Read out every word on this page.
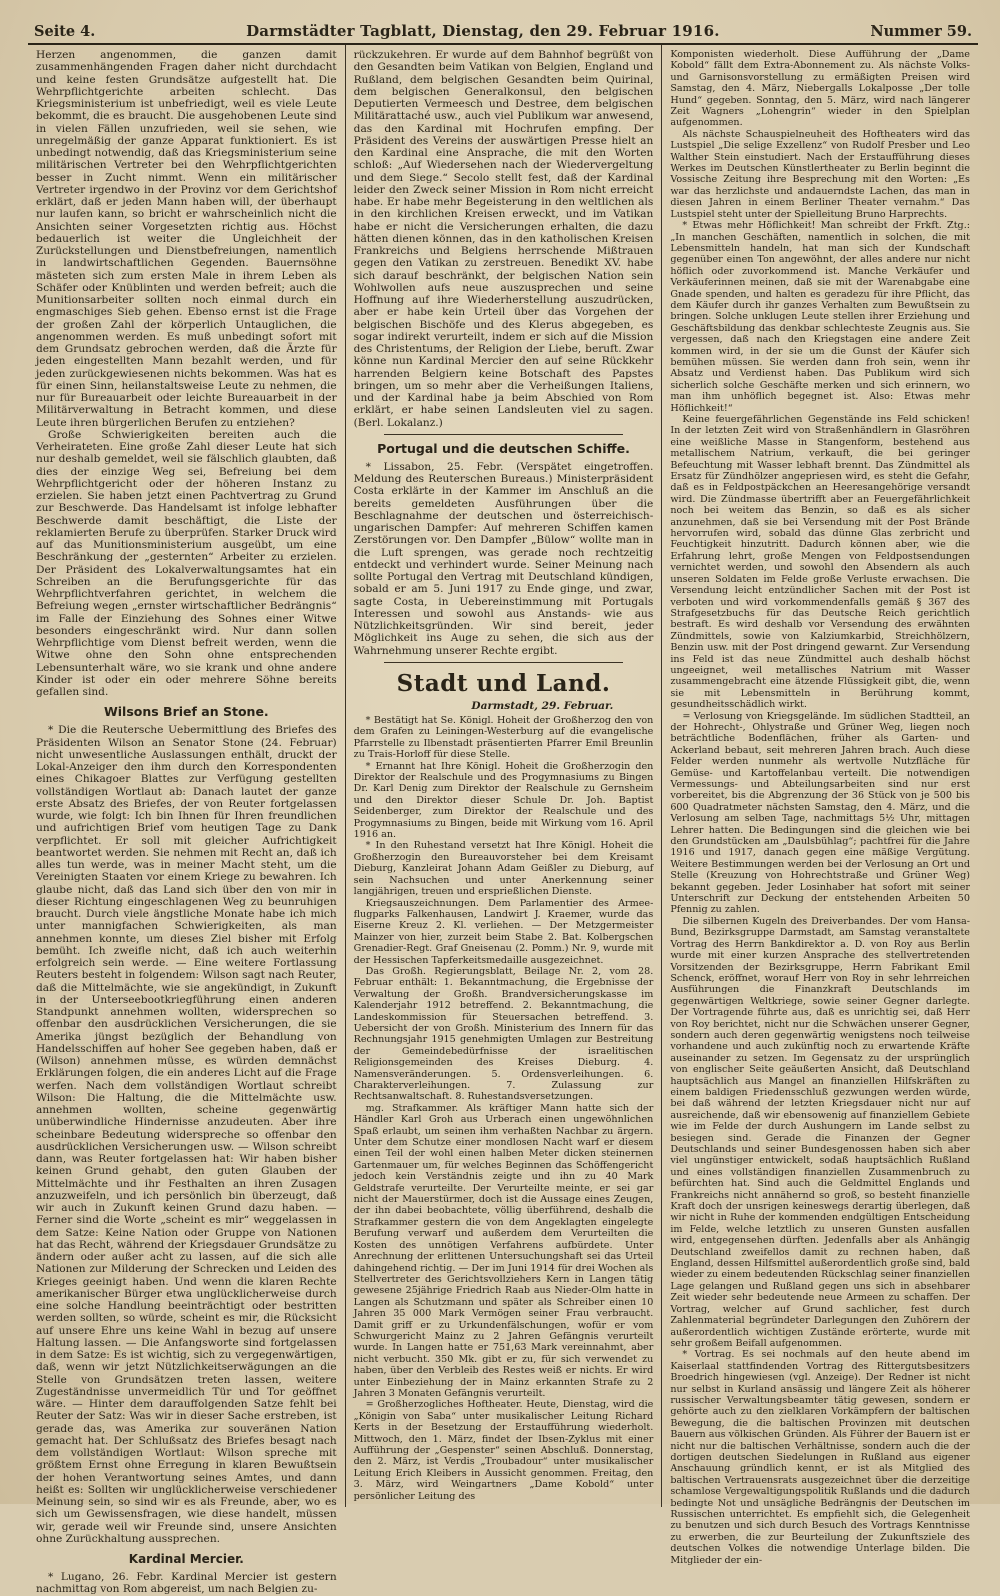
Seite 4.	Darmstädter Tagblatt, Dienstag, den 29. Februar 1916.	Nummer 59.

Herzen angenommen, die ganzen damit zusammenhängenden Fragen daher nicht durchdacht und keine festen Grundsätze aufgestellt hat. Die Wehrpflichtgerichte arbeiten schlecht. Das Kriegsministerium ist unbefriedigt, weil es viele Leute bekommt, die es braucht. Die ausgehobenen Leute sind in vielen Fällen unzufrieden, weil sie sehen, wie unregelmäßig der ganze Apparat funktioniert. Es ist unbedingt notwendig, daß das Kriegsministerium seine militärischen Vertreter bei den Wehrpflichtgerichten besser in Zucht nimmt. Wenn ein militärischer Vertreter irgendwo in der Provinz vor dem Gerichtshof erklärt, daß er jeden Mann haben will, der überhaupt nur laufen kann, so bricht er wahrscheinlich nicht die Ansichten seiner Vorgesetzten richtig aus. Höchst bedauerlich ist weiter die Ungleichheit der Zurückstellungen und Dienstbefreiungen, namentlich in landwirtschaftlichen Gegenden. Bauernsöhne mästeten sich zum ersten Male in ihrem Leben als Schäfer oder Knüblinten und werden befreit; auch die Munitionsarbeiter sollten noch einmal durch ein engmaschiges Sieb gehen. Ebenso ernst ist die Frage der großen Zahl der körperlich Untauglichen, die angenommen werden. Es muß unbedingt sofort mit dem Grundsatz gebrochen werden, daß die Ärzte für jeden eingestellten Mann bezahlt werden, und für jeden zurückgewiesenen nichts bekommen. Was hat es für einen Sinn, heilanstaltsweise Leute zu nehmen, die nur für Bureauarbeit oder leichte Bureauarbeit in der Militärverwaltung in Betracht kommen, und diese Leute ihren bürgerlichen Berufen zu entziehen?

Große Schwierigkeiten bereiten auch die Verheirateten. Eine große Zahl dieser Leute hat sich nur deshalb gemeldet, weil sie fälschlich glaubten, daß dies der einzige Weg sei, Befreiung bei dem Wehrpflichtgericht oder der höheren Instanz zu erzielen. Sie haben jetzt einen Pachtvertrag zu Grund zur Beschwerde. Das Handelsamt ist infolge lebhafter Beschwerde damit beschäftigt, die Liste der reklamierten Berufe zu überprüfen. Starker Druck wird auf das Munitionsministerium ausgeübt, um eine Beschränkung der „gesternten“ Arbeiter zu erzielen. Der Präsident des Lokalverwaltungsamtes hat ein Schreiben an die Berufungsgerichte für das Wehrpflichtverfahren gerichtet, in welchem die Befreiung wegen „ernster wirtschaftlicher Bedrängnis“ im Falle der Einziehung des Sohnes einer Witwe besonders eingeschränkt wird. Nur dann sollen Wehrpflichtige vom Dienst befreit werden, wenn die Witwe ohne den Sohn ohne entsprechenden Lebensunterhalt wäre, wo sie krank und ohne andere Kinder ist oder ein oder mehrere Söhne bereits gefallen sind.

Wilsons Brief an Stone.

* Die die Reutersche Uebermittlung des Briefes des Präsidenten Wilson an Senator Stone (24. Februar) nicht unwesentliche Auslassungen enthält, druckt der Lokal-Anzeiger den ihm durch den Korrespondenten eines Chikagoer Blattes zur Verfügung gestellten vollständigen Wortlaut ab: Danach lautet der ganze erste Absatz des Briefes, der von Reuter fortgelassen wurde, wie folgt: Ich bin Ihnen für Ihren freundlichen und aufrichtigen Brief vom heutigen Tage zu Dank verpflichtet. Er soll mit gleicher Aufrichtigkeit beantwortet werden. Sie nehmen mit Recht an, daß ich alles tun werde, was in meiner Macht steht, um die Vereinigten Staaten vor einem Kriege zu bewahren. Ich glaube nicht, daß das Land sich über den von mir in dieser Richtung eingeschlagenen Weg zu beunruhigen braucht. Durch viele ängstliche Monate habe ich mich unter mannigfachen Schwierigkeiten, als man annehmen konnte, um dieses Ziel bisher mit Erfolg bemüht. Ich zweifle nicht, daß ich auch weiterhin erfolgreich sein werde. — Eine weitere Fortlassung Reuters besteht in folgendem: Wilson sagt nach Reuter, daß die Mittelmächte, wie sie angekündigt, in Zukunft in der Unterseebootkriegführung einen anderen Standpunkt annehmen wollten, widersprechen so offenbar den ausdrücklichen Versicherungen, die sie Amerika jüngst bezüglich der Behandlung von Handelsschiffen auf hoher See gegeben haben, daß er (Wilson) annehmen müsse, es würden demnächst Erklärungen folgen, die ein anderes Licht auf die Frage werfen. Nach dem vollständigen Wortlaut schreibt Wilson: Die Haltung, die die Mittelmächte usw. annehmen wollten, scheine gegenwärtig unüberwindliche Hindernisse anzudeuten. Aber ihre scheinbare Bedeutung widerspreche so offenbar den ausdrücklichen Versicherungen usw. — Wilson schreibt dann, was Reuter fortgelassen hat: Wir haben bisher keinen Grund gehabt, den guten Glauben der Mittelmächte und ihr Festhalten an ihren Zusagen anzuzweifeln, und ich persönlich bin überzeugt, daß wir auch in Zukunft keinen Grund dazu haben. — Ferner sind die Worte „scheint es mir“ weggelassen in dem Satze: Keine Nation oder Gruppe von Nationen hat das Recht, während der Kriegsdauer Grundsätze zu ändern oder außer acht zu lassen, auf die sich alle Nationen zur Milderung der Schrecken und Leiden des Krieges geeinigt haben. Und wenn die klaren Rechte amerikanischer Bürger etwa unglücklicherweise durch eine solche Handlung beeinträchtigt oder bestritten werden sollten, so würde, scheint es mir, die Rücksicht auf unsere Ehre uns keine Wahl in bezug auf unsere Haltung lassen. — Die Anfangsworte sind fortgelassen in dem Satze: Es ist wichtig, sich zu vergegenwärtigen, daß, wenn wir jetzt Nützlichkeitserwägungen an die Stelle von Grundsätzen treten lassen, weitere Zugeständnisse unvermeidlich Tür und Tor geöffnet wäre. — Hinter dem darauffolgenden Satze fehlt bei Reuter der Satz: Was wir in dieser Sache erstreben, ist gerade das, was Amerika zur souveränen Nation gemacht hat. Der Schlußsatz des Briefes besagt nach dem vollständigen Wortlaut: Wilson spreche mit größtem Ernst ohne Erregung in klaren Bewußtsein der hohen Verantwortung seines Amtes, und dann heißt es: Sollten wir unglücklicherweise verschiedener Meinung sein, so sind wir es als Freunde, aber, wo es sich um Gewissensfragen, wie diese handelt, müssen wir, gerade weil wir Freunde sind, unsere Ansichten ohne Zurückhaltung aussprechen.

Kardinal Mercier.

* Lugano, 26. Febr. Kardinal Mercier ist gestern nachmittag von Rom abgereist, um nach Belgien zu-

rückzukehren. Er wurde auf dem Bahnhof begrüßt von den Gesandten beim Vatikan von Belgien, England und Rußland, dem belgischen Gesandten beim Quirinal, dem belgischen Generalkonsul, den belgischen Deputierten Vermeesch und Destree, dem belgischen Militärattaché usw., auch viel Publikum war anwesend, das den Kardinal mit Hochrufen empfing. Der Präsident des Vereins der auswärtigen Presse hielt an den Kardinal eine Ansprache, die mit den Worten schloß: „Auf Wiedersehen nach der Wiedervergeltung und dem Siege.“ Secolo stellt fest, daß der Kardinal leider den Zweck seiner Mission in Rom nicht erreicht habe. Er habe mehr Begeisterung in den weltlichen als in den kirchlichen Kreisen erweckt, und im Vatikan habe er nicht die Versicherungen erhalten, die dazu hätten dienen können, das in den katholischen Kreisen Frankreichs und Belgiens herrschende Mißtrauen gegen den Vatikan zu zerstreuen. Benedikt XV. habe sich darauf beschränkt, der belgischen Nation sein Wohlwollen aufs neue auszusprechen und seine Hoffnung auf ihre Wiederherstellung auszudrücken, aber er habe kein Urteil über das Vorgehen der belgischen Bischöfe und des Klerus abgegeben, es sogar indirekt verurteilt, indem er sich auf die Mission des Christentums, der Religion der Liebe, beruft. Zwar könne nun Kardinal Mercier den auf seine Rückkehr harrenden Belgiern keine Botschaft des Papstes bringen, um so mehr aber die Verheißungen Italiens, und der Kardinal habe ja beim Abschied von Rom erklärt, er habe seinen Landsleuten viel zu sagen. (Berl. Lokalanz.)

Portugal und die deutschen Schiffe.

* Lissabon, 25. Febr. (Verspätet eingetroffen. Meldung des Reuterschen Bureaus.) Ministerpräsident Costa erklärte in der Kammer im Anschluß an die bereits gemeldeten Ausführungen über die Beschlagnahme der deutschen und österreichisch-ungarischen Dampfer: Auf mehreren Schiffen kamen Zerstörungen vor. Den Dampfer „Bülow“ wollte man in die Luft sprengen, was gerade noch rechtzeitig entdeckt und verhindert wurde. Seiner Meinung nach sollte Portugal den Vertrag mit Deutschland kündigen, sobald er am 5. Juni 1917 zu Ende ginge, und zwar, sagte Costa, in Uebereinstimmung mit Portugals Interessen und sowohl aus Anstands- wie aus Nützlichkeitsgründen. Wir sind bereit, jeder Möglichkeit ins Auge zu sehen, die sich aus der Wahrnehmung unserer Rechte ergibt.

Stadt und Land.
Darmstadt, 29. Februar.

* Bestätigt hat Se. Königl. Hoheit der Großherzog den von dem Grafen zu Leiningen-Westerburg auf die evangelische Pfarrstelle zu Ilbenstadt präsentierten Pfarrer Emil Breunlin zu Trais-Horloff für diese Stelle.

* Ernannt hat Ihre Königl. Hoheit die Großherzogin den Direktor der Realschule und des Progymnasiums zu Bingen Dr. Karl Denig zum Direktor der Realschule zu Gernsheim und den Direktor dieser Schule Dr. Joh. Baptist Seidenberger, zum Direktor der Realschule und des Progymnasiums zu Bingen, beide mit Wirkung vom 16. April 1916 an.

* In den Ruhestand versetzt hat Ihre Königl. Hoheit die Großherzogin den Bureauvorsteher bei dem Kreisamt Dieburg, Kanzleirat Johann Adam Geißler zu Dieburg, auf sein Nachsuchen und unter Anerkennung seiner langjährigen, treuen und ersprießlichen Dienste.

Kriegsauszeichnungen. Dem Parlamentier des Armee-flugparks Falkenhausen, Landwirt J. Kraemer, wurde das Eiserne Kreuz 2. Kl. verliehen. — Der Metzgermeister Mainzer von hier, zurzeit beim Stabe 2. Bat. Kolbergschen Grenadier-Regt. Graf Gneisenau (2. Pomm.) Nr. 9, wurde mit der Hessischen Tapferkeitsmedaille ausgezeichnet.

Das Großh. Regierungsblatt, Beilage Nr. 2, vom 28. Februar enthält: 1. Bekanntmachung, die Ergebnisse der Verwaltung der Großh. Brandversicherungskasse im Kalenderjahr 1912 betreffend. 2. Bekanntmachung, die Landeskommission für Steuersachen betreffend. 3. Uebersicht der von Großh. Ministerium des Innern für das Rechnungsjahr 1915 genehmigten Umlagen zur Bestreitung der Gemeindebedürfnisse der israelitischen Religionsgemeinden des Kreises Dieburg. 4. Namensveränderungen. 5. Ordensverleihungen. 6. Charakterverleihungen. 7. Zulassung zur Rechtsanwaltschaft. 8. Ruhestandsversetzungen.

mg. Strafkammer. Als kräftiger Mann hatte sich der Händler Karl Groh aus Urberach einen ungewöhnlichen Spaß erlaubt, um seinen ihm verhaßten Nachbar zu ärgern. Unter dem Schutze einer mondlosen Nacht warf er diesem einen Teil der wohl einen halben Meter dicken steinernen Gartenmauer um, für welches Beginnen das Schöffengericht jedoch kein Verständnis zeigte und ihn zu 40 Mark Geldstrafe verurteilte. Der Verurteilte meinte, er sei gar nicht der Mauerstürmer, doch ist die Aussage eines Zeugen, der ihn dabei beobachtete, völlig überführend, deshalb die Strafkammer gestern die von dem Angeklagten eingelegte Berufung verwarf und außerdem dem Verurteilten die Kosten des unnötigen Verfahrens aufbürdete. Unter Anrechnung der erlittenen Untersuchungshaft sei das Urteil dahingehend richtig. — Der im Juni 1914 für drei Wochen als Stellvertreter des Gerichtsvollziehers Kern in Langen tätig gewesene 25jährige Friedrich Raab aus Nieder-Olm hatte in Langen als Schutzmann und später als Schreiber einen 10 Jahren 35 000 Mark Vermögen seiner Frau verbraucht. Damit griff er zu Urkundenfälschungen, wofür er vom Schwurgericht Mainz zu 2 Jahren Gefängnis verurteilt wurde. In Langen hatte er 751,63 Mark vereinnahmt, aber nicht verbucht. 350 Mk. gibt er zu, für sich verwendet zu haben, über den Verbleib des Restes weiß er nichts. Er wird unter Einbeziehung der in Mainz erkannten Strafe zu 2 Jahren 3 Monaten Gefängnis verurteilt.

= Großherzogliches Hoftheater. Heute, Dienstag, wird die „Königin von Saba“ unter musikalischer Leitung Richard Kerts in der Besetzung der Erstaufführung wiederholt. Mittwoch, den 1. März, findet der Ibsen-Zyklus mit einer Aufführung der „Gespenster“ seinen Abschluß. Donnerstag, den 2. März, ist Verdis „Troubadour“ unter musikalischer Leitung Erich Kleibers in Aussicht genommen. Freitag, den 3. März, wird Weingartners „Dame Kobold“ unter persönlicher Leitung des

Komponisten wiederholt. Diese Aufführung der „Dame Kobold“ fällt dem Extra-Abonnement zu. Als nächste Volks- und Garnisonsvorstellung zu ermäßigten Preisen wird Samstag, den 4. März, Niebergalls Lokalposse „Der tolle Hund“ gegeben. Sonntag, den 5. März, wird nach längerer Zeit Wagners „Lohengrin“ wieder in den Spielplan aufgenommen.

Als nächste Schauspielneuheit des Hoftheaters wird das Lustspiel „Die selige Exzellenz“ von Rudolf Presber und Leo Walther Stein einstudiert. Nach der Erstaufführung dieses Werkes im Deutschen Künstlertheater zu Berlin beginnt die Vossische Zeitung ihre Besprechung mit den Worten: „Es war das herzlichste und andauerndste Lachen, das man in diesen Jahren in einem Berliner Theater vernahm.“ Das Lustspiel steht unter der Spielleitung Bruno Harprechts.

* Etwas mehr Höflichkeit! Man schreibt der Frkft. Ztg.: „In manchen Geschäften, namentlich in solchen, die mit Lebensmitteln handeln, hat man sich der Kundschaft gegenüber einen Ton angewöhnt, der alles andere nur nicht höflich oder zuvorkommend ist. Manche Verkäufer und Verkäuferinnen meinen, daß sie mit der Warenabgabe eine Gnade spenden, und halten es geradezu für ihre Pflicht, das dem Käufer durch ihr ganzes Verhalten zum Bewußtsein zu bringen. Solche unklugen Leute stellen ihrer Erziehung und Geschäftsbildung das denkbar schlechteste Zeugnis aus. Sie vergessen, daß nach den Kriegstagen eine andere Zeit kommen wird, in der sie um die Gunst der Käufer sich bemühen müssen. Sie werden dann froh sein, wenn ihr Absatz und Verdienst haben. Das Publikum wird sich sicherlich solche Geschäfte merken und sich erinnern, wo man ihm unhöflich begegnet ist. Also: Etwas mehr Höflichkeit!“

Keine feuergefährlichen Gegenstände ins Feld schicken! In der letzten Zeit wird von Straßenhändlern in Glasröhren eine weißliche Masse in Stangenform, bestehend aus metallischem Natrium, verkauft, die bei geringer Befeuchtung mit Wasser lebhaft brennt. Das Zündmittel als Ersatz für Zündhölzer angepriesen wird, es steht die Gefahr, daß es in Feldpostpäckchen an Heeresangehörige versandt wird. Die Zündmasse übertrifft aber an Feuergefährlichkeit noch bei weitem das Benzin, so daß es als sicher anzunehmen, daß sie bei Versendung mit der Post Brände hervorrufen wird, sobald das dünne Glas zerbricht und Feuchtigkeit hinzutritt. Dadurch können aber, wie die Erfahrung lehrt, große Mengen von Feldpostsendungen vernichtet werden, und sowohl den Absendern als auch unseren Soldaten im Felde große Verluste erwachsen. Die Versendung leicht entzündlicher Sachen mit der Post ist verboten und wird vorkommendenfalls gemäß § 367 des Strafgesetzbuchs für das Deutsche Reich gerichtlich bestraft. Es wird deshalb vor Versendung des erwähnten Zündmittels, sowie von Kalziumkarbid, Streichhölzern, Benzin usw. mit der Post dringend gewarnt. Zur Versendung ins Feld ist das neue Zündmittel auch deshalb höchst ungeeignet, weil metallisches Natrium mit Wasser zusammengebracht eine ätzende Flüssigkeit gibt, die, wenn sie mit Lebensmitteln in Berührung kommt, gesundheitsschädlich wirkt.

= Verlosung von Kriegsgelände. Im südlichen Stadtteil, an der Hohrecht-, Ohlystraße und Grüner Weg, liegen noch beträchtliche Bodenflächen, früher als Garten- und Ackerland bebaut, seit mehreren Jahren brach. Auch diese Felder werden nunmehr als wertvolle Nutzfläche für Gemüse- und Kartoffelanbau verteilt. Die notwendigen Vermessungs- und Abteilungsarbeiten sind nur erst vorbereitet, bis die Abgrenzung der 36 Stück von je 500 bis 600 Quadratmeter nächsten Samstag, den 4. März, und die Verlosung am selben Tage, nachmittags 5½ Uhr, mittagen Lehrer hatten. Die Bedingungen sind die gleichen wie bei den Grundstücken am „Daulsbühlag“; pachtfrei für die Jahre 1916 und 1917, danach gegen eine mäßige Vergütung. Weitere Bestimmungen werden bei der Verlosung an Ort und Stelle (Kreuzung von Hohrechtstraße und Grüner Weg) bekannt gegeben. Jeder Losinhaber hat sofort mit seiner Unterschrift zur Deckung der entstehenden Arbeiten 50 Pfennig zu zahlen.

Die silbernen Kugeln des Dreiverbandes. Der vom Hansa-Bund, Bezirksgruppe Darmstadt, am Samstag veranstaltete Vortrag des Herrn Bankdirektor a. D. von Roy aus Berlin wurde mit einer kurzen Ansprache des stellvertretenden Vorsitzenden der Bezirksgruppe, Herrn Fabrikant Emil Schenck, eröffnet, worauf Herr von Roy in sehr lehrreichen Ausführungen die Finanzkraft Deutschlands im gegenwärtigen Weltkriege, sowie seiner Gegner darlegte. Der Vortragende führte aus, daß es unrichtig sei, daß Herr von Roy berichtet, nicht nur die Schwächen unserer Gegner, sondern auch deren gegenwärtig wenigstens noch teilweise vorhandene und auch zukünftig noch zu erwartende Kräfte auseinander zu setzen. Im Gegensatz zu der ursprünglich von englischer Seite geäußerten Ansicht, daß Deutschland hauptsächlich aus Mangel an finanziellen Hilfskräften zu einem baldigen Friedensschluß gezwungen werden würde, bei daß während der letzten Kriegsdauer nicht nur auf ausreichende, daß wir ebensowenig auf finanziellem Gebiete wie im Felde der durch Aushungern im Lande selbst zu besiegen sind. Gerade die Finanzen der Gegner Deutschlands und seiner Bundesgenossen haben sich aber viel ungünstiger entwickelt, sodaß hauptsächlich Rußland und eines vollständigen finanziellen Zusammenbruch zu befürchten hat. Sind auch die Geldmittel Englands und Frankreichs nicht annähernd so groß, so besteht finanzielle Kraft doch der unsrigen keineswegs derartig überlegen, daß wir nicht in Ruhe der kommenden endgültigen Entscheidung im Felde, welche letztlich zu unseren Gunsten ausfallen wird, entgegensehen dürften. Jedenfalls aber als Anhängig Deutschland zweifellos damit zu rechnen haben, daß England, dessen Hilfsmittel außerordentlich große sind, bald wieder zu einem bedeutenden Rückschlag seiner finanziellen Lage gelangen und Rußland gegen uns sich in absehbarer Zeit wieder sehr bedeutende neue Armeen zu schaffen. Der Vortrag, welcher auf Grund sachlicher, fest durch Zahlenmaterial begründeter Darlegungen den Zuhörern der außerordentlich wichtigen Zustände erörterte, wurde mit sehr großem Beifall aufgenommen.

* Vortrag. Es sei nochmals auf den heute abend im Kaiserlaal stattfindenden Vortrag des Rittergutsbesitzers Broedrich hingewiesen (vgl. Anzeige). Der Redner ist nicht nur selbst in Kurland ansässig und längere Zeit als höherer russischer Verwaltungsbeamter tätig gewesen, sondern er gehörte auch zu den zielklaren Vorkämpfern der baltischen Bewegung, die die baltischen Provinzen mit deutschen Bauern aus völkischen Gründen. Als Führer der Bauern ist er nicht nur die baltischen Verhältnisse, sondern auch die der dortigen deutschen Siedelungen in Rußland aus eigener Anschauung gründlich kennt, er ist als Mitglied des baltischen Vertrauensrats ausgezeichnet über die derzeitige schamlose Vergewaltigungspolitik Rußlands und die dadurch bedingte Not und unsägliche Bedrängnis der Deutschen im Russischen unterrichtet. Es empfiehlt sich, die Gelegenheit zu benutzen und sich durch Besuch des Vortrags Kenntnisse zu erwerben, die zur Beurteilung der Zukunftsziele des deutschen Volkes die notwendige Unterlage bilden. Die Mitglieder der ein-
